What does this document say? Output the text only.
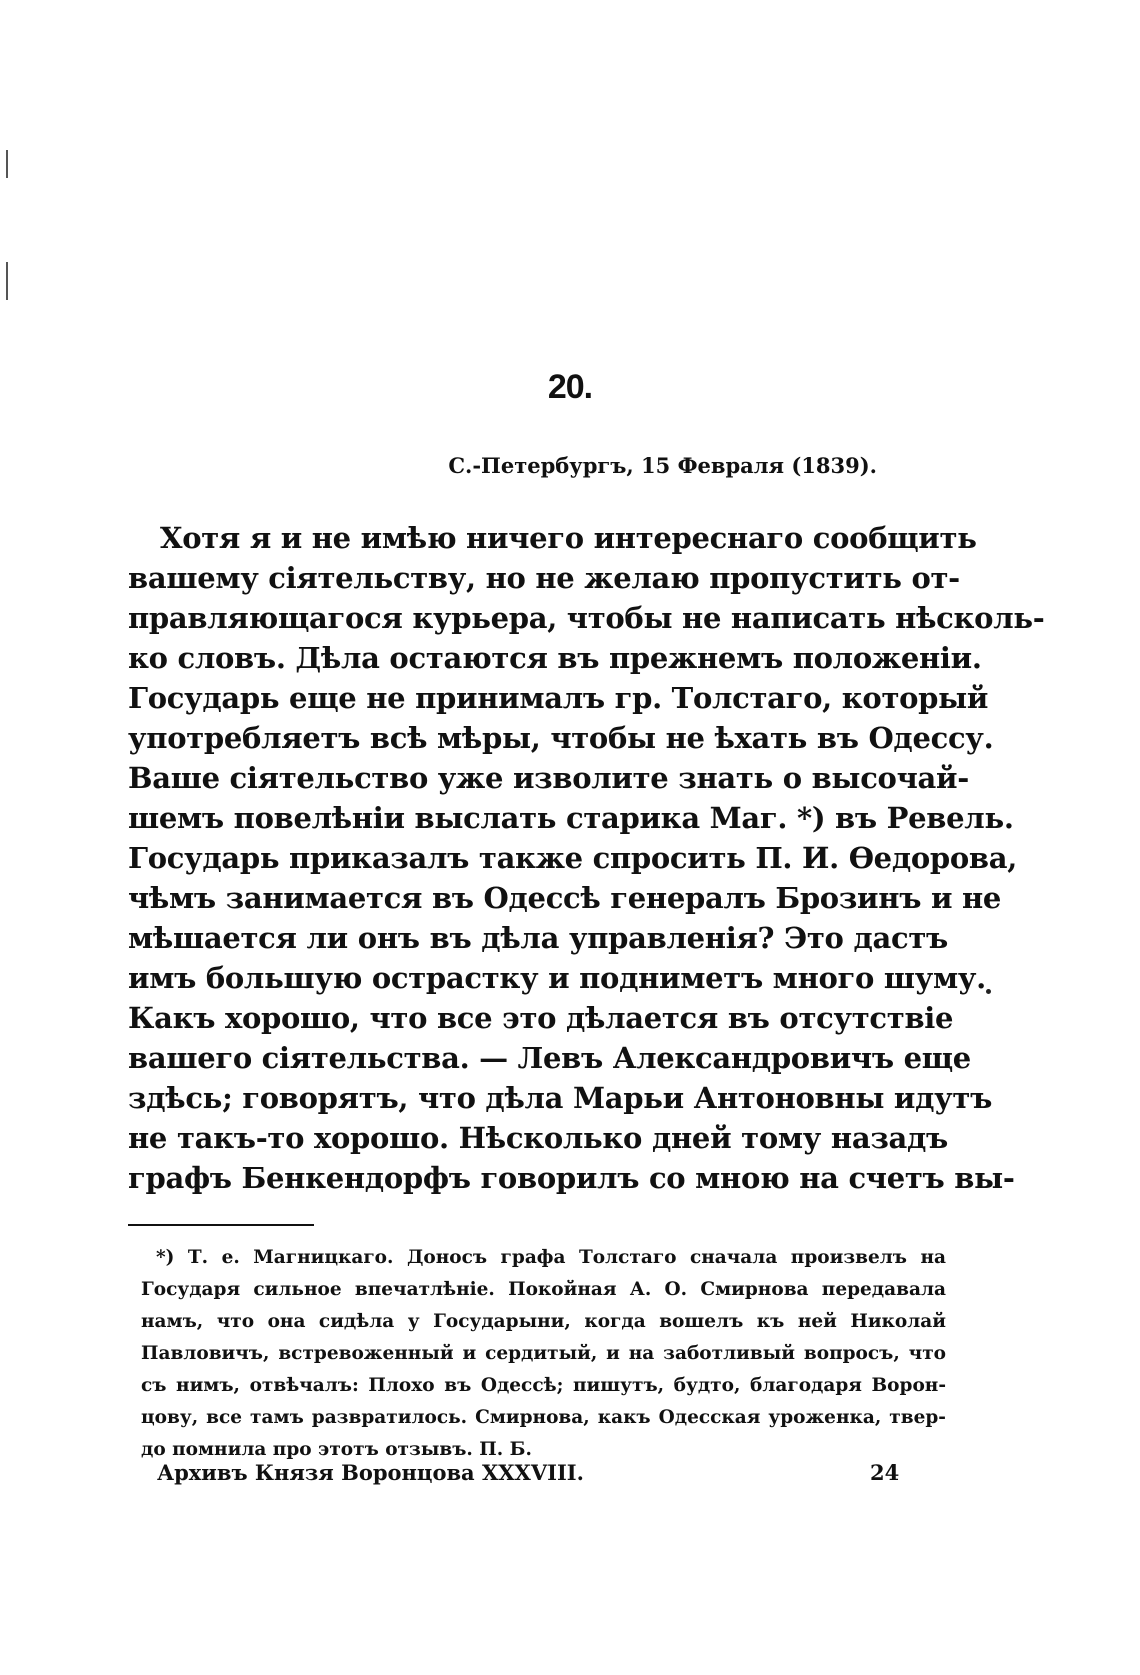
20.
С.-Петербургъ, 15 Февраля (1839).
Хотя я и не имѣю ничего интереснаго сообщить
вашему сіятельству, но не желаю пропустить от-
правляющагося курьера, чтобы не написать нѣсколь-
ко словъ. Дѣла остаются въ прежнемъ положеніи.
Государь еще не принималъ гр. Толстаго, который
употребляетъ всѣ мѣры, чтобы не ѣхать въ Одессу.
Ваше сіятельство уже изволите знать о высочай-
шемъ повелѣніи выслать старика Маг. *) въ Ревель.
Государь приказалъ также спросить П. И. Ѳедорова,
чѣмъ занимается въ Одессѣ генералъ Брозинъ и не
мѣшается ли онъ въ дѣла управленія? Это дастъ
имъ большую острастку и подниметъ много шуму.
Какъ хорошо, что все это дѣлается въ отсутствіе
вашего сіятельства. — Левъ Александровичъ еще
здѣсь; говорятъ, что дѣла Марьи Антоновны идутъ
не такъ-то хорошо. Нѣсколько дней тому назадъ
графъ Бенкендорфъ говорилъ со мною на счетъ вы-
*) Т. е. Магницкаго. Доносъ графа Толстаго сначала произвелъ на
Государя сильное впечатлѣніе. Покойная А. О. Смирнова передавала
намъ, что она сидѣла у Государыни, когда вошелъ къ ней Николай
Павловичъ, встревоженный и сердитый, и на заботливый вопросъ, что
съ нимъ, отвѣчалъ: Плохо въ Одессѣ; пишутъ, будто, благодаря Ворон-
цову, все тамъ развратилось. Смирнова, какъ Одесская уроженка, твер-
до помнила про этотъ отзывъ. П. Б.
Архивъ Князя Воронцова XXXVIII.	24
